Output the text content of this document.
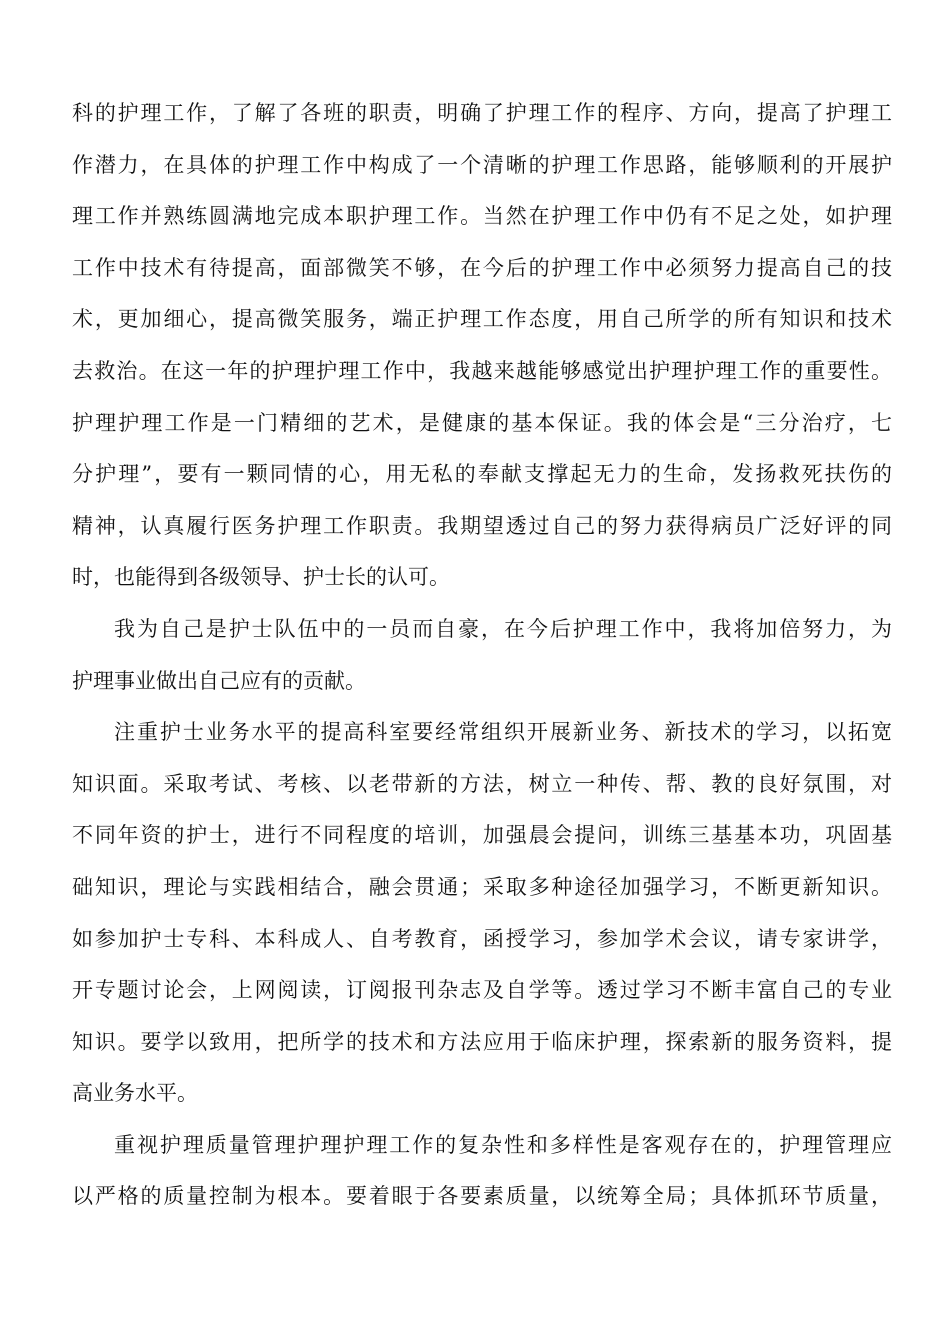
科的护理工作，了解了各班的职责，明确了护理工作的程序、方向，提高了护理工
作潜力，在具体的护理工作中构成了一个清晰的护理工作思路，能够顺利的开展护
理工作并熟练圆满地完成本职护理工作。当然在护理工作中仍有不足之处，如护理
工作中技术有待提高，面部微笑不够，在今后的护理工作中必须努力提高自己的技
术，更加细心，提高微笑服务，端正护理工作态度，用自己所学的所有知识和技术
去救治。在这一年的护理护理工作中，我越来越能够感觉出护理护理工作的重要性。
护理护理工作是一门精细的艺术，是健康的基本保证。我的体会是“三分治疗，七
分护理”，要有一颗同情的心，用无私的奉献支撑起无力的生命，发扬救死扶伤的
精神，认真履行医务护理工作职责。我期望透过自己的努力获得病员广泛好评的同
时，也能得到各级领导、护士长的认可。
我为自己是护士队伍中的一员而自豪，在今后护理工作中，我将加倍努力，为
护理事业做出自己应有的贡献。
注重护士业务水平的提高科室要经常组织开展新业务、新技术的学习，以拓宽
知识面。采取考试、考核、以老带新的方法，树立一种传、帮、教的良好氛围，对
不同年资的护士，进行不同程度的培训，加强晨会提问，训练三基基本功，巩固基
础知识，理论与实践相结合，融会贯通；采取多种途径加强学习，不断更新知识。
如参加护士专科、本科成人、自考教育，函授学习，参加学术会议，请专家讲学，
开专题讨论会，上网阅读，订阅报刊杂志及自学等。透过学习不断丰富自己的专业
知识。要学以致用，把所学的技术和方法应用于临床护理，探索新的服务资料，提
高业务水平。
重视护理质量管理护理护理工作的复杂性和多样性是客观存在的，护理管理应
以严格的质量控制为根本。要着眼于各要素质量，以统筹全局；具体抓环节质量，
